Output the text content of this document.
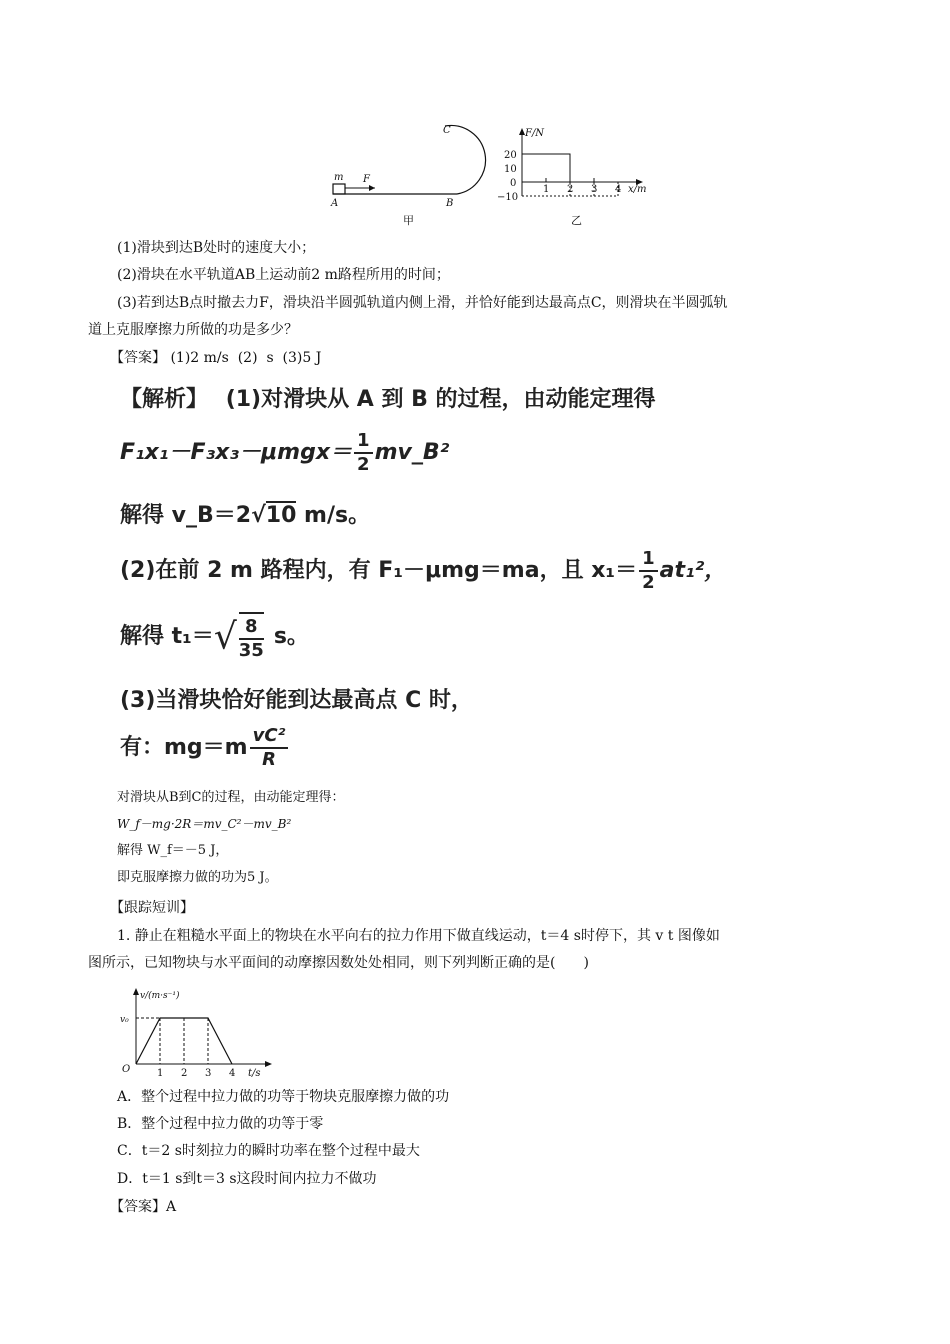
m F
A	B
C
甲
F/N
20
10
0
−10
1 2 3 4 x/m
乙
(1)滑块到达B处时的速度大小；
(2)滑块在水平轨道AB上运动前2 m路程所用的时间；
(3)若到达B点时撤去力F，滑块沿半圆弧轨道内侧上滑，并恰好能到达最高点C，则滑块在半圆弧轨
道上克服摩擦力所做的功是多少？
【答案】 (1)2 m/s  (2)  s  (3)5 J
【解析】 (1)对滑块从 A 到 B 的过程，由动能定理得
$F_1x_1-F_3x_3-\mu mgx= \frac{1}{2}$ mv_B²
解得 v_B＝2√10 m/s。
(2)在前 2 m 路程内，有 F₁－μmg＝ma，且 $x_1= \frac{1}{2} at_1^2$，
解得 $t_1=√ \frac{8}{35}$ s。
(3)当滑块恰好能到达最高点 C 时，
有：$mg=m \frac{\text{vC²}}{R}$
对滑块从B到C的过程，由动能定理得：
W_f－mg·2R＝mv_C²－mv_B²
解得 W_f＝－5 J，
即克服摩擦力做的功为5 J。
【跟踪短训】
1. 静止在粗糙水平面上的物块在水平向右的拉力作用下做直线运动，t＝4 s时停下，其 v t 图像如
图所示，已知物块与水平面间的动摩擦因数处处相同，则下列判断正确的是(　　)
v/(m·s⁻¹)
v₀
O	1 2 3 4 t/s
A．整个过程中拉力做的功等于物块克服摩擦力做的功
B．整个过程中拉力做的功等于零
C．t＝2 s时刻拉力的瞬时功率在整个过程中最大
D．t＝1 s到t＝3 s这段时间内拉力不做功
【答案】A
